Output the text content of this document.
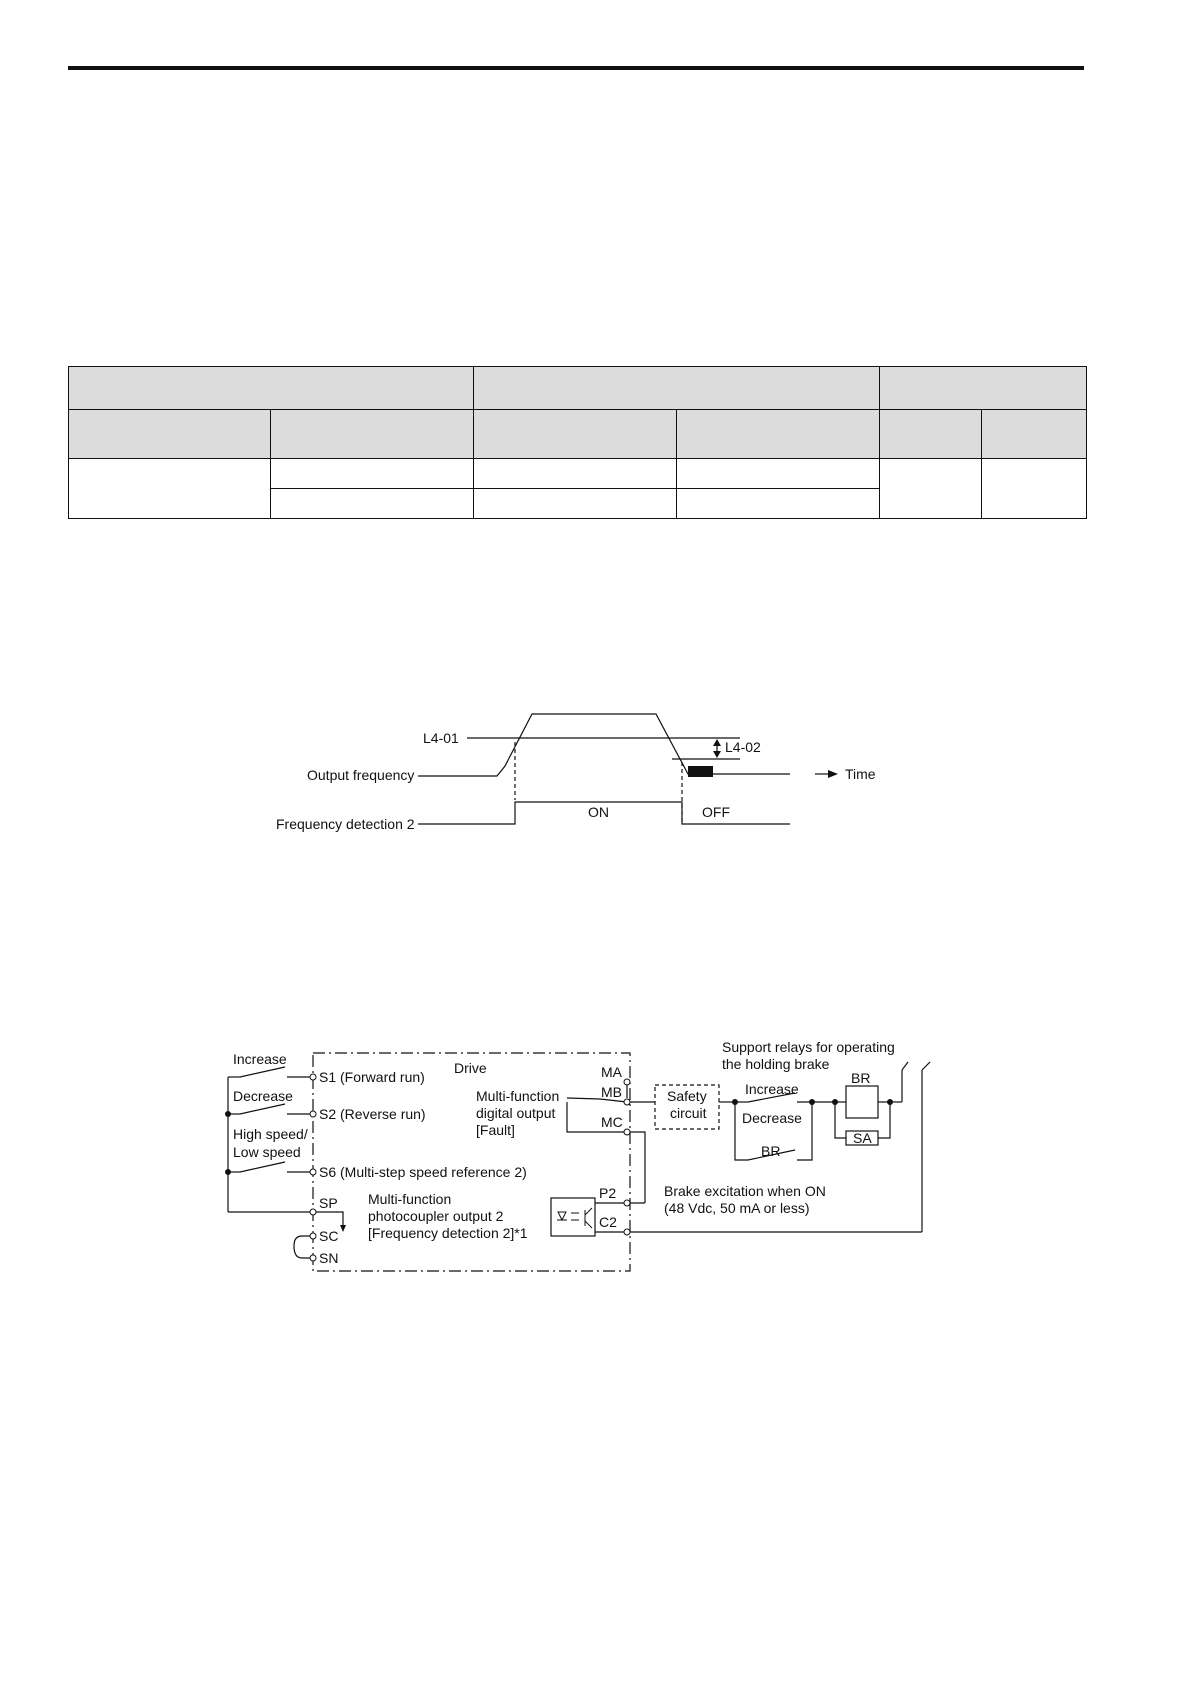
L4-01
L4-02
Output frequency
Frequency detection 2
ON	OFF
Time
Increase
Decrease
High speed/
Low speed
Drive
S1 (Forward run)
S2 (Reverse run)
S6 (Multi-step speed reference 2)
SP
SC
SN
MA
MB
MC
P2
C2
Multi-function
digital output
[Fault]
Multi-function
photocoupler output 2
[Frequency detection 2]*1
Safety
circuit
Support relays for operating
the holding brake
Increase
Decrease
BR
BR
SA
Brake excitation when ON
(48 Vdc, 50 mA or less)
